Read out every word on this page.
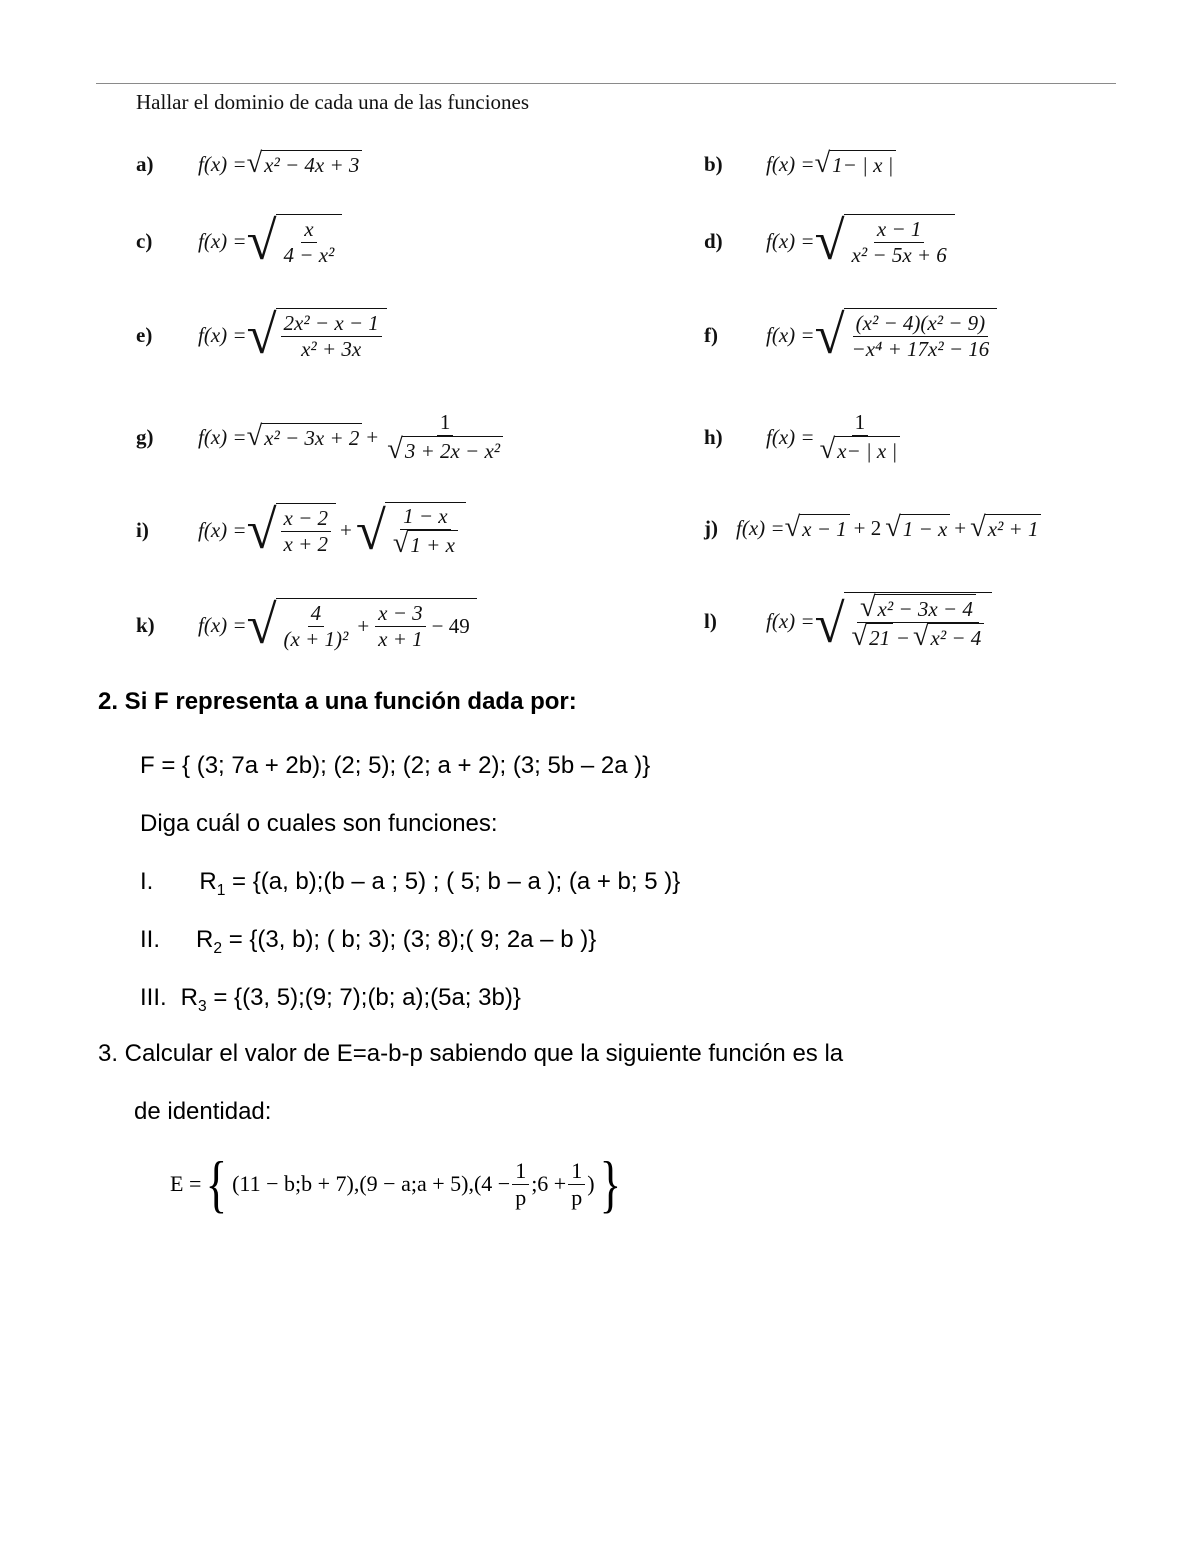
Hallar el dominio de cada una de las funciones
a)	f(x) = √ x² − 4x + 3	b)	f(x) = √ 1− | x |
c)	f(x) = √ $\frac{x}{\text{4 − x²}}$	d)	f(x) = √ $\frac{x - 1}{\text{x² − 5x + 6}}$
e)	f(x) = √ $\frac{\text{2x² − x − 1}}{\text{x² + 3x}}$	f)	f(x) = √ $\frac{\text{(x² − 4)(x² − 9)}}{\text{−x⁴ + 17x² − 16}}$
g)	f(x) = √ $x^2 - 3x + 2 + \frac{1}{\text{√ 3 + 2x − x²}}$	h)	$f(x) = \frac{1}{√ x- | x |}$
i)	f(x) = √ $\frac{x - 2}{x + 2}$ + √ $\frac{1 - x}{√ 1 + x}$	j) f(x) = √ x − 1 + 2 √ 1 − x + √ x² + 1
k)	f(x) = √ $\frac{4}{\text{(x + 1)²}} + \frac{x - 3}{x + 1} - 49$	l)	f(x) = √ $\frac{\text{√ x² − 3x − 4}}{\text{√ 21 − √ x² − 4}}$
2. Si F representa a una función dada por:
F = { (3; 7a + 2b); (2; 5); (2; a + 2); (3; 5b – 2a )}
Diga cuál o cuales son funciones:
I. $R_1 = \{(a$, b);(b – a ; 5) ; ( 5; b – a ); (a + b; 5 )}
II. $R_2 = \{(3$, b); ( b; 3); (3; 8);( 9; 2a – b )}
III. $R_3 = \{(3$, 5);(9; 7);(b; a);(5a; 3b)}
3. Calcular el valor de E=a-b-p sabiendo que la siguiente función es la
de identidad:
E = { (11 − b;b + 7),(9 − a;a + $5),(4 - \frac{1}{p}$ ;6 + $\frac{1}{p}$ ) }
